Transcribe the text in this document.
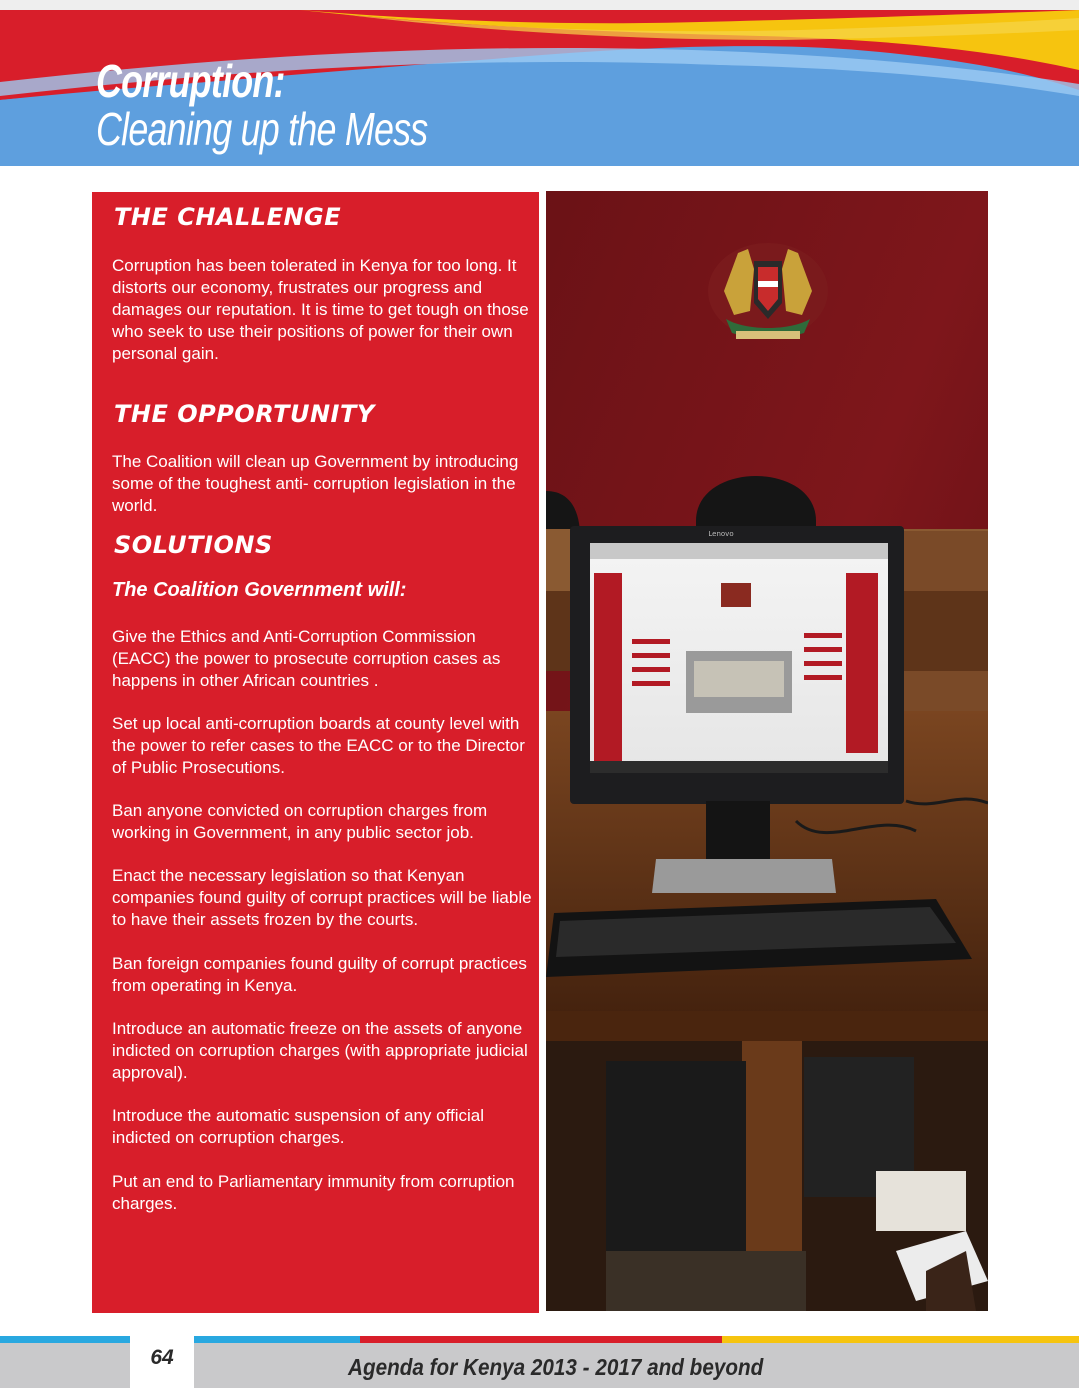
Corruption:
Cleaning up the Mess
THE CHALLENGE

Corruption has been tolerated in Kenya for too long. It distorts our economy, frustrates our progress and damages our reputation. It is time to get tough on those who seek to use their positions of power for their own personal gain.

THE OPPORTUNITY

The Coalition will clean up Government by introducing some of the toughest anti- corruption legislation in the world.

SOLUTIONS
The Coalition Government will:

Give the Ethics and Anti-Corruption Commission (EACC) the power to prosecute corruption cases as happens in other African countries .

Set up local anti-corruption boards at county level with the power to refer cases to the EACC or to the Director of Public Prosecutions.

Ban anyone convicted on corruption charges from working in Government, in any public sector job.

Enact the necessary legislation so that Kenyan companies found guilty of corrupt practices will be liable to have their assets frozen by the courts.

Ban foreign companies found guilty of corrupt practices from operating in Kenya.

Introduce an automatic freeze on the assets of anyone indicted on corruption charges (with appropriate judicial approval).

Introduce the automatic suspension of any official indicted on corruption charges.

Put an end to Parliamentary immunity from corruption charges.

Lenovo
64	Agenda for Kenya 2013 - 2017 and beyond
